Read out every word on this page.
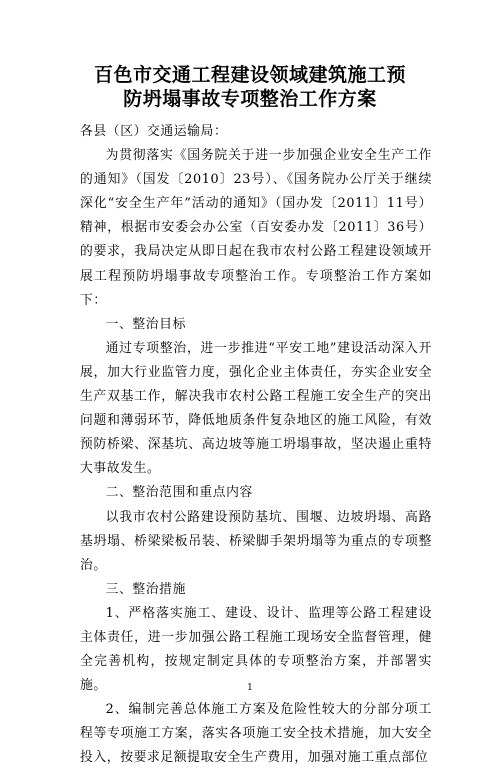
百色市交通工程建设领域建筑施工预
防坍塌事故专项整治工作方案

各县（区）交通运输局：

为贯彻落实《国务院关于进一步加强企业安全生产工作的通知》（国发〔2010〕23号）、《国务院办公厅关于继续深化“安全生产年”活动的通知》（国办发〔2011〕11号）精神，根据市安委会办公室（百安委办发〔2011〕36号）的要求，我局决定从即日起在我市农村公路工程建设领域开展工程预防坍塌事故专项整治工作。专项整治工作方案如下：

一、整治目标

通过专项整治，进一步推进“平安工地”建设活动深入开展，加大行业监管力度，强化企业主体责任，夯实企业安全生产双基工作，解决我市农村公路工程施工安全生产的突出问题和薄弱环节，降低地质条件复杂地区的施工风险，有效预防桥梁、深基坑、高边坡等施工坍塌事故，坚决遏止重特大事故发生。

二、整治范围和重点内容

以我市农村公路建设预防基坑、围堰、边坡坍塌、高路基坍塌、桥梁梁板吊装、桥梁脚手架坍塌等为重点的专项整治。

三、整治措施

1、严格落实施工、建设、设计、监理等公路工程建设主体责任，进一步加强公路工程施工现场安全监督管理，健全完善机构，按规定制定具体的专项整治方案，并部署实施。

2、编制完善总体施工方案及危险性较大的分部分项工程等专项施工方案，落实各项施工安全技术措施，加大安全投入，按要求足额提取安全生产费用，加强对施工重点部位

1
